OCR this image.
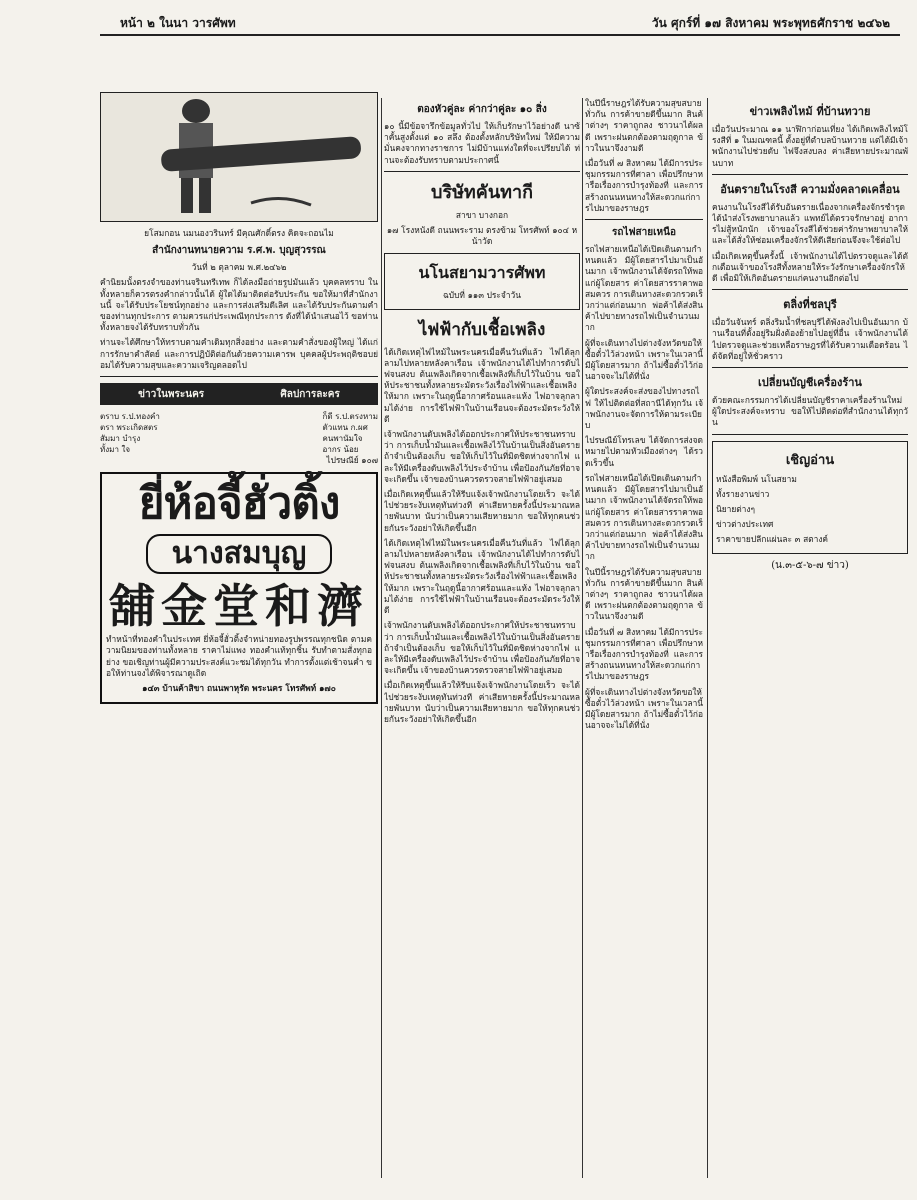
หน้า ๒ ในนา วารศัพท	วัน ศุกร์ที่ ๑๗ สิงหาคม พระพุทธศักราช ๒๔๖๒

ยโสมกอน นมนองวรินทร์ มีคุณศักดิ์ตรง คิดจะถอนไม

สำนักงานทนายความ ร.ศ.พ. บุญสุวรรณ

วันที่ ๒ ตุลาคม พ.ศ.๒๔๖๒

คำนิยมนั้งตรงจำของท่านจรินทรีเทพ ก็ได้ลงมือถ่ายรูปมันแล้ว บุคคลทราบ ในทั้งหลายก็ควรตรงคำกล่าวนั้นได้ ผู้ใดได้มาติดต่อรับประกัน ขอให้มาที่สำนักงานนี้ จะได้รับประโยชน์ทุกอย่าง และการส่งเสริมดีเลิศ และได้รับประกันตามคำของท่านทุกประการ ตามควรแก่ประเพณีทุกประการ ดังที่ได้นำเสนอไว้ ขอท่านทั้งหลายจงได้รับทราบทั่วกัน

ท่านจะได้ศึกษาให้ทราบตามคำเดิมทุกสิ่งอย่าง และตามคำสั่งของผู้ใหญ่ ได้แก่การรักษาคำสัตย์ และการปฏิบัติต่อกันด้วยความเคารพ บุคคลผู้ประพฤติชอบย่อมได้รับความสุขและความเจริญตลอดไป

ข่าวในพระนคร	ศิลปการละคร
ตราบ ร.ป.ทองคำ
ตรา พระเกิดสตร
สัมมา บำรุง
ทั้งมา ใจ
ก็ดี ร.ป.ตรงหาม
ตัวแทน ก.ผศ
คนพานัมใจ
อากร น้อย

ไปรษณีย์ ๑๐๗

ยี่ห้อจี้ฮั่วติ้ง
นางสมบุญ
舖金堂和濟

ทำหน้าที่ทองคำในประเทศ ยี่ห้อจี้ฮั่วติ้งจำหน่ายทองรูปพรรณทุกชนิด ตามความนิยมของท่านทั้งหลาย ราคาไม่แพง ทองคำแท้ทุกชิ้น รับทำตามสั่งทุกอย่าง ขอเชิญท่านผู้มีความประสงค์แวะชมได้ทุกวัน ทำการตั้งแต่เช้าจนค่ำ ขอให้ท่านจงได้พิจารณาดูเถิด

๑๔๓ บ้านค้าสิขา ถนนพาหุรัด พระนคร โทรศัพท์ ๑๗๐

ตองหัวคู่ละ ค่ากว่าคู่ละ ๑๐ สิ่ง

๑๐ นี้มีข้อจารึกข้อมูลทั่วไป ให้เก็บรักษาไว้อย่างดี นาซ้ำคั้นสูงตั้งแต่ ๑๐ สลึง ต้องตั้งหลักบริษัทใหม่ ให้มีความมั่นคงจากทางราชการ ไม่มีบ้านแห่งใดที่จะเปรียบได้ ท่านจะต้องรับทราบตามประกาศนี้

บริษัทคันทากี

สาขา บางกอก

๑๗ โรงหนังดี ถนนพระราม ตรงข้าม โทรศัพท์ ๑๐๔ หน้าวัด

นโนสยามวารศัพท

ฉบับที่ ๑๑๓ ประจำวัน

ไฟฟ้ากับเชื้อเพลิง

ได้เกิดเหตุไฟไหม้ในพระนครเมื่อคืนวันที่แล้ว ไฟได้ลุกลามไปหลายหลังคาเรือน เจ้าพนักงานได้ไปทำการดับไฟจนสงบ ต้นเพลิงเกิดจากเชื้อเพลิงที่เก็บไว้ในบ้าน ขอให้ประชาชนทั้งหลายระมัดระวังเรื่องไฟฟ้าและเชื้อเพลิงให้มาก เพราะในฤดูนี้อากาศร้อนและแห้ง ไฟอาจลุกลามได้ง่าย การใช้ไฟฟ้าในบ้านเรือนจะต้องระมัดระวังให้ดี

เจ้าพนักงานดับเพลิงได้ออกประกาศให้ประชาชนทราบว่า การเก็บน้ำมันและเชื้อเพลิงไว้ในบ้านเป็นสิ่งอันตราย ถ้าจำเป็นต้องเก็บ ขอให้เก็บไว้ในที่มิดชิดห่างจากไฟ และให้มีเครื่องดับเพลิงไว้ประจำบ้าน เพื่อป้องกันภัยที่อาจจะเกิดขึ้น เจ้าของบ้านควรตรวจสายไฟฟ้าอยู่เสมอ

เมื่อเกิดเหตุขึ้นแล้วให้รีบแจ้งเจ้าพนักงานโดยเร็ว จะได้ไปช่วยระงับเหตุทันท่วงที ค่าเสียหายครั้งนี้ประมาณหลายพันบาท นับว่าเป็นความเสียหายมาก ขอให้ทุกคนช่วยกันระวังอย่าให้เกิดขึ้นอีก

ได้เกิดเหตุไฟไหม้ในพระนครเมื่อคืนวันที่แล้ว ไฟได้ลุกลามไปหลายหลังคาเรือน เจ้าพนักงานได้ไปทำการดับไฟจนสงบ ต้นเพลิงเกิดจากเชื้อเพลิงที่เก็บไว้ในบ้าน ขอให้ประชาชนทั้งหลายระมัดระวังเรื่องไฟฟ้าและเชื้อเพลิงให้มาก เพราะในฤดูนี้อากาศร้อนและแห้ง ไฟอาจลุกลามได้ง่าย การใช้ไฟฟ้าในบ้านเรือนจะต้องระมัดระวังให้ดี

เจ้าพนักงานดับเพลิงได้ออกประกาศให้ประชาชนทราบว่า การเก็บน้ำมันและเชื้อเพลิงไว้ในบ้านเป็นสิ่งอันตราย ถ้าจำเป็นต้องเก็บ ขอให้เก็บไว้ในที่มิดชิดห่างจากไฟ และให้มีเครื่องดับเพลิงไว้ประจำบ้าน เพื่อป้องกันภัยที่อาจจะเกิดขึ้น เจ้าของบ้านควรตรวจสายไฟฟ้าอยู่เสมอ

เมื่อเกิดเหตุขึ้นแล้วให้รีบแจ้งเจ้าพนักงานโดยเร็ว จะได้ไปช่วยระงับเหตุทันท่วงที ค่าเสียหายครั้งนี้ประมาณหลายพันบาท นับว่าเป็นความเสียหายมาก ขอให้ทุกคนช่วยกันระวังอย่าให้เกิดขึ้นอีก

ในปีนี้ราษฎรได้รับความสุขสบายทั่วกัน การค้าขายดีขึ้นมาก สินค้าต่างๆ ราคาถูกลง ชาวนาได้ผลดี เพราะฝนตกต้องตามฤดูกาล ข้าวในนาจึงงามดี

เมื่อวันที่ ๗ สิงหาคม ได้มีการประชุมกรรมการที่ศาลา เพื่อปรึกษาหารือเรื่องการบำรุงท้องที่ และการสร้างถนนหนทางให้สะดวกแก่การไปมาของราษฎร

รถไฟสายเหนือ

รถไฟสายเหนือได้เปิดเดินตามกำหนดแล้ว มีผู้โดยสารไปมาเป็นอันมาก เจ้าพนักงานได้จัดรถให้พอแก่ผู้โดยสาร ค่าโดยสารราคาพอสมควร การเดินทางสะดวกรวดเร็วกว่าแต่ก่อนมาก พ่อค้าได้ส่งสินค้าไปขายทางรถไฟเป็นจำนวนมาก

ผู้ที่จะเดินทางไปต่างจังหวัดขอให้ซื้อตั๋วไว้ล่วงหน้า เพราะในเวลานี้มีผู้โดยสารมาก ถ้าไม่ซื้อตั๋วไว้ก่อนอาจจะไม่ได้ที่นั่ง

ผู้ใดประสงค์จะส่งของไปทางรถไฟ ให้ไปติดต่อที่สถานีได้ทุกวัน เจ้าพนักงานจะจัดการให้ตามระเบียบ

ไปรษณีย์โทรเลข ได้จัดการส่งจดหมายไปตามหัวเมืองต่างๆ ได้รวดเร็วขึ้น

รถไฟสายเหนือได้เปิดเดินตามกำหนดแล้ว มีผู้โดยสารไปมาเป็นอันมาก เจ้าพนักงานได้จัดรถให้พอแก่ผู้โดยสาร ค่าโดยสารราคาพอสมควร การเดินทางสะดวกรวดเร็วกว่าแต่ก่อนมาก พ่อค้าได้ส่งสินค้าไปขายทางรถไฟเป็นจำนวนมาก

ในปีนี้ราษฎรได้รับความสุขสบายทั่วกัน การค้าขายดีขึ้นมาก สินค้าต่างๆ ราคาถูกลง ชาวนาได้ผลดี เพราะฝนตกต้องตามฤดูกาล ข้าวในนาจึงงามดี

เมื่อวันที่ ๗ สิงหาคม ได้มีการประชุมกรรมการที่ศาลา เพื่อปรึกษาหารือเรื่องการบำรุงท้องที่ และการสร้างถนนหนทางให้สะดวกแก่การไปมาของราษฎร

ผู้ที่จะเดินทางไปต่างจังหวัดขอให้ซื้อตั๋วไว้ล่วงหน้า เพราะในเวลานี้มีผู้โดยสารมาก ถ้าไม่ซื้อตั๋วไว้ก่อนอาจจะไม่ได้ที่นั่ง

ข่าวเพลิงไหม้ ที่บ้านทวาย

เมื่อวันประมาณ ๑๑ นาฬิกาก่อนเที่ยง ได้เกิดเพลิงไหม้โรงสีที่ ๑ ในมณฑลนี้ ตั้งอยู่ที่ตำบลบ้านทวาย แต่ได้มีเจ้าพนักงานไปช่วยดับ ไฟจึงสงบลง ค่าเสียหายประมาณพันบาท

อันตรายในโรงสี ความมั่งคลาดเคลื่อน

คนงานในโรงสีได้รับอันตรายเนื่องจากเครื่องจักรชำรุด ได้นำส่งโรงพยาบาลแล้ว แพทย์ได้ตรวจรักษาอยู่ อาการไม่สู้หนักนัก เจ้าของโรงสีได้ช่วยค่ารักษาพยาบาลให้ และได้สั่งให้ซ่อมเครื่องจักรให้ดีเสียก่อนจึงจะใช้ต่อไป

เมื่อเกิดเหตุขึ้นครั้งนี้ เจ้าพนักงานได้ไปตรวจดูและได้ตักเตือนเจ้าของโรงสีทั้งหลายให้ระวังรักษาเครื่องจักรให้ดี เพื่อมิให้เกิดอันตรายแก่คนงานอีกต่อไป

ตลิ่งที่ชลบุรี

เมื่อวันจันทร์ ตลิ่งริมน้ำที่ชลบุรีได้พังลงไปเป็นอันมาก บ้านเรือนที่ตั้งอยู่ริมฝั่งต้องย้ายไปอยู่ที่อื่น เจ้าพนักงานได้ไปตรวจดูและช่วยเหลือราษฎรที่ได้รับความเดือดร้อน ได้จัดที่อยู่ให้ชั่วคราว

เปลี่ยนบัญชีเครื่องร้าน

ด้วยคณะกรรมการได้เปลี่ยนบัญชีราคาเครื่องร้านใหม่ ผู้ใดประสงค์จะทราบ ขอให้ไปติดต่อที่สำนักงานได้ทุกวัน

เชิญอ่าน

หนังสือพิมพ์ นโนสยาม

ทั้งรายงานข่าว

นิยายต่างๆ

ข่าวต่างประเทศ

ราคาขายปลีกแผ่นละ ๓ สตางค์

(น.๓-๕-๖-๗ ข่าว)
